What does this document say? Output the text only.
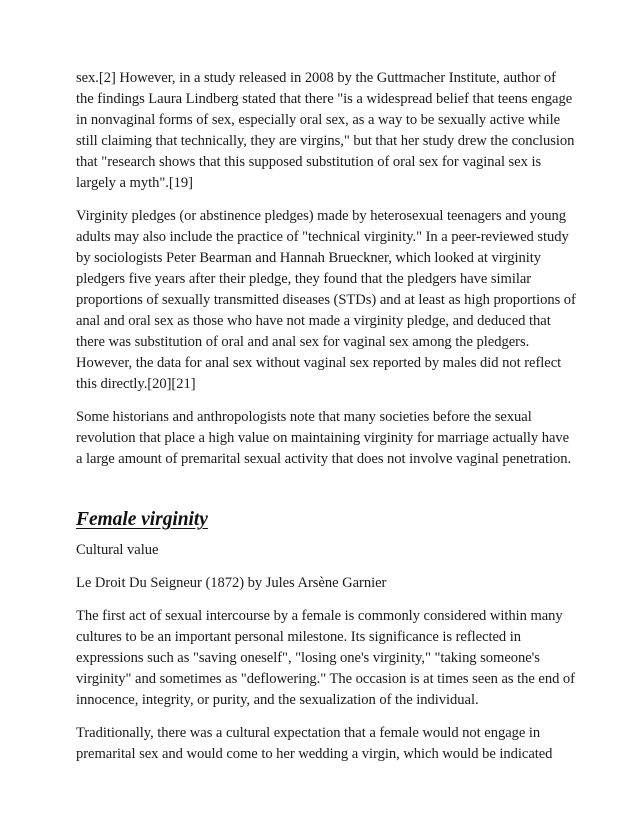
sex.[2] However, in a study released in 2008 by the Guttmacher Institute, author of the findings Laura Lindberg stated that there "is a widespread belief that teens engage in nonvaginal forms of sex, especially oral sex, as a way to be sexually active while still claiming that technically, they are virgins," but that her study drew the conclusion that "research shows that this supposed substitution of oral sex for vaginal sex is largely a myth".[19]

Virginity pledges (or abstinence pledges) made by heterosexual teenagers and young adults may also include the practice of "technical virginity." In a peer-reviewed study by sociologists Peter Bearman and Hannah Brueckner, which looked at virginity pledgers five years after their pledge, they found that the pledgers have similar proportions of sexually transmitted diseases (STDs) and at least as high proportions of anal and oral sex as those who have not made a virginity pledge, and deduced that there was substitution of oral and anal sex for vaginal sex among the pledgers. However, the data for anal sex without vaginal sex reported by males did not reflect this directly.[20][21]

Some historians and anthropologists note that many societies before the sexual revolution that place a high value on maintaining virginity for marriage actually have a large amount of premarital sexual activity that does not involve vaginal penetration.

Female virginity

Cultural value

Le Droit Du Seigneur (1872) by Jules Arsène Garnier

The first act of sexual intercourse by a female is commonly considered within many cultures to be an important personal milestone. Its significance is reflected in expressions such as "saving oneself", "losing one's virginity," "taking someone's virginity" and sometimes as "deflowering." The occasion is at times seen as the end of innocence, integrity, or purity, and the sexualization of the individual.

Traditionally, there was a cultural expectation that a female would not engage in premarital sex and would come to her wedding a virgin, which would be indicated
